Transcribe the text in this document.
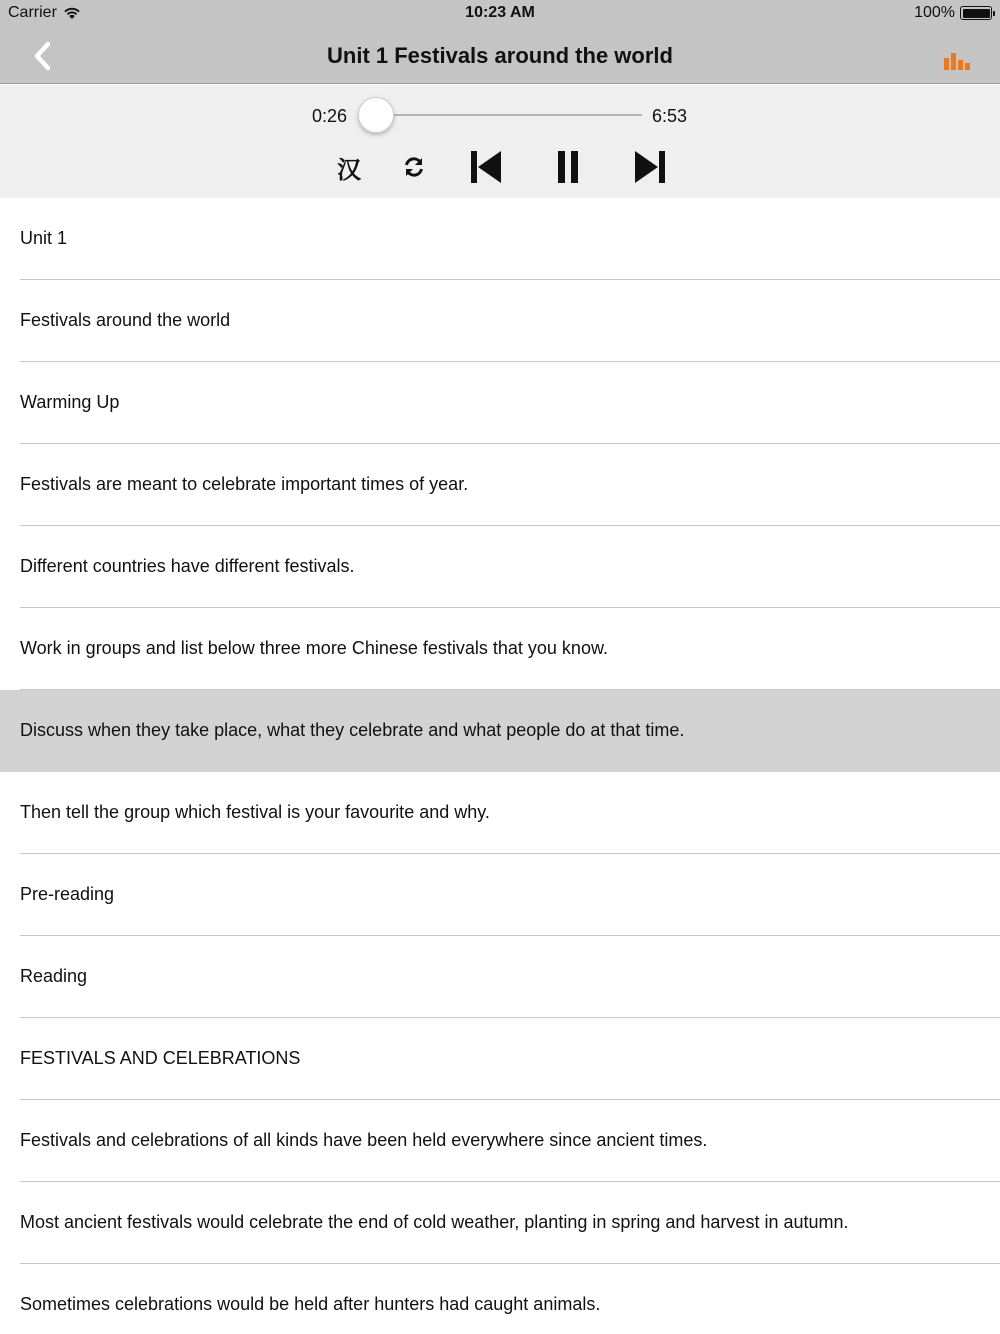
Carrier	10:23 AM	100%
Unit 1 Festivals around the world
0:26	6:53
汉
Unit 1
Festivals around the world
Warming Up
Festivals are meant to celebrate important times of year.
Different countries have different festivals.
Work in groups and list below three more Chinese festivals that you know.
Discuss when they take place, what they celebrate and what people do at that time.
Then tell the group which festival is your favourite and why.
Pre-reading
Reading
FESTIVALS AND CELEBRATIONS
Festivals and celebrations of all kinds have been held everywhere since ancient times.
Most ancient festivals would celebrate the end of cold weather, planting in spring and harvest in autumn.
Sometimes celebrations would be held after hunters had caught animals.
